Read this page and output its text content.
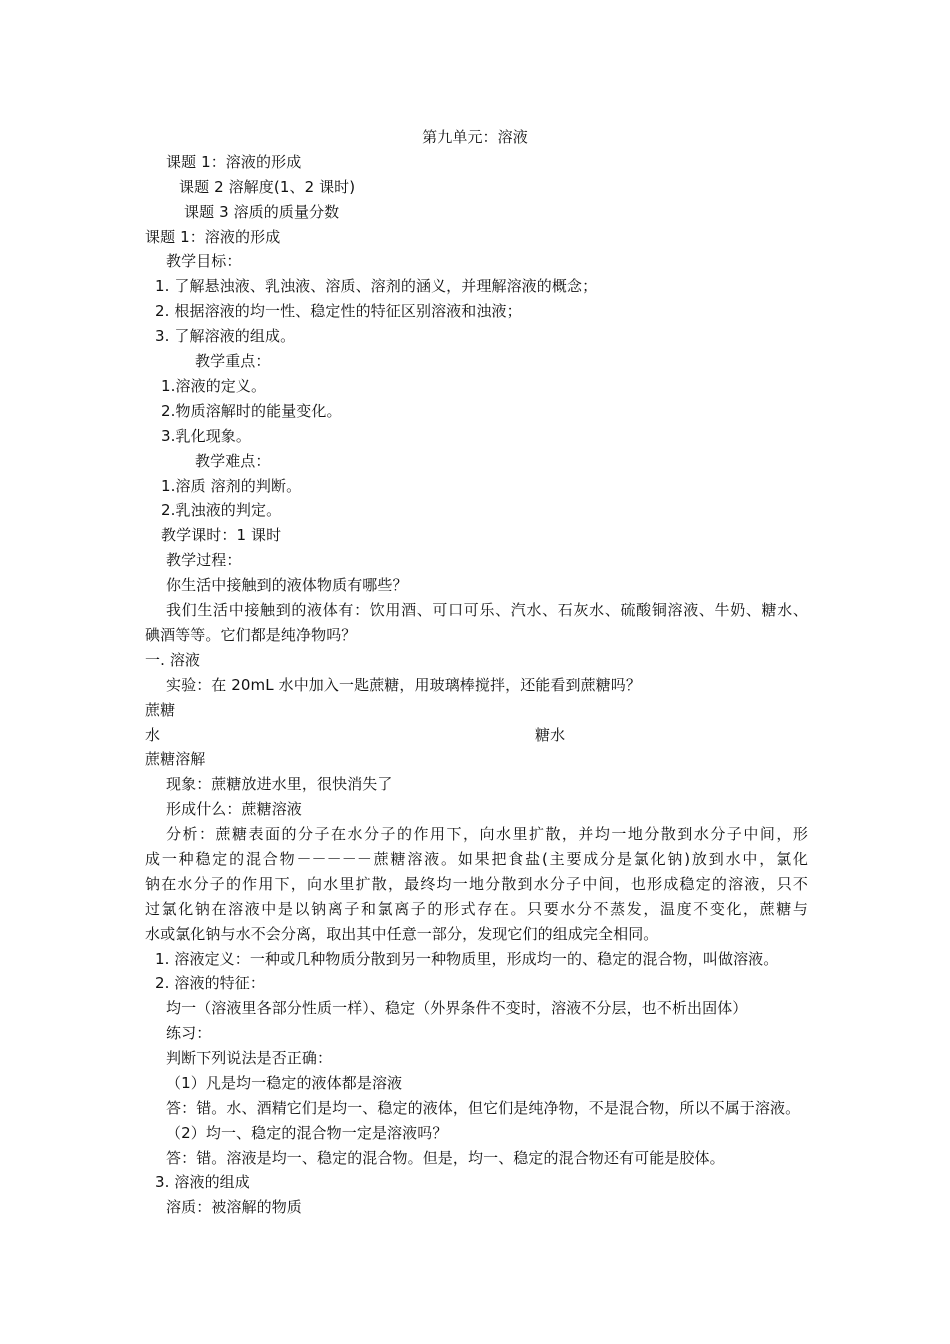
第九单元：溶液
课题 1：溶液的形成
课题 2 溶解度(1、2 课时)
课题 3 溶质的质量分数
课题 1：溶液的形成
教学目标：
1. 了解悬浊液、乳浊液、溶质、溶剂的涵义，并理解溶液的概念；
2. 根据溶液的均一性、稳定性的特征区别溶液和浊液；
3. 了解溶液的组成。
教学重点：
1.溶液的定义。
2.物质溶解时的能量变化。
3.乳化现象。
教学难点：
1.溶质 溶剂的判断。
2.乳浊液的判定。
教学课时：1 课时
教学过程：
你生活中接触到的液体物质有哪些？
我们生活中接触到的液体有：饮用酒、可口可乐、汽水、石灰水、硫酸铜溶液、牛奶、糖水、
碘酒等等。它们都是纯净物吗？
一. 溶液
实验：在 20mL 水中加入一匙蔗糖，用玻璃棒搅拌，还能看到蔗糖吗？
蔗糖
水	糖水
蔗糖溶解
现象：蔗糖放进水里，很快消失了
形成什么：蔗糖溶液
分析：蔗糖表面的分子在水分子的作用下，向水里扩散，并均一地分散到水分子中间，形
成一种稳定的混合物－－－－－蔗糖溶液。如果把食盐(主要成分是氯化钠)放到水中，氯化
钠在水分子的作用下，向水里扩散，最终均一地分散到水分子中间，也形成稳定的溶液，只不
过氯化钠在溶液中是以钠离子和氯离子的形式存在。只要水分不蒸发，温度不变化，蔗糖与
水或氯化钠与水不会分离，取出其中任意一部分，发现它们的组成完全相同。
1. 溶液定义：一种或几种物质分散到另一种物质里，形成均一的、稳定的混合物，叫做溶液。
2. 溶液的特征：
均一（溶液里各部分性质一样）、稳定（外界条件不变时，溶液不分层，也不析出固体）
练习：
判断下列说法是否正确：
（1）凡是均一稳定的液体都是溶液
答：错。水、酒精它们是均一、稳定的液体，但它们是纯净物，不是混合物，所以不属于溶液。
（2）均一、稳定的混合物一定是溶液吗？
答：错。溶液是均一、稳定的混合物。但是，均一、稳定的混合物还有可能是胶体。
3. 溶液的组成
溶质：被溶解的物质
